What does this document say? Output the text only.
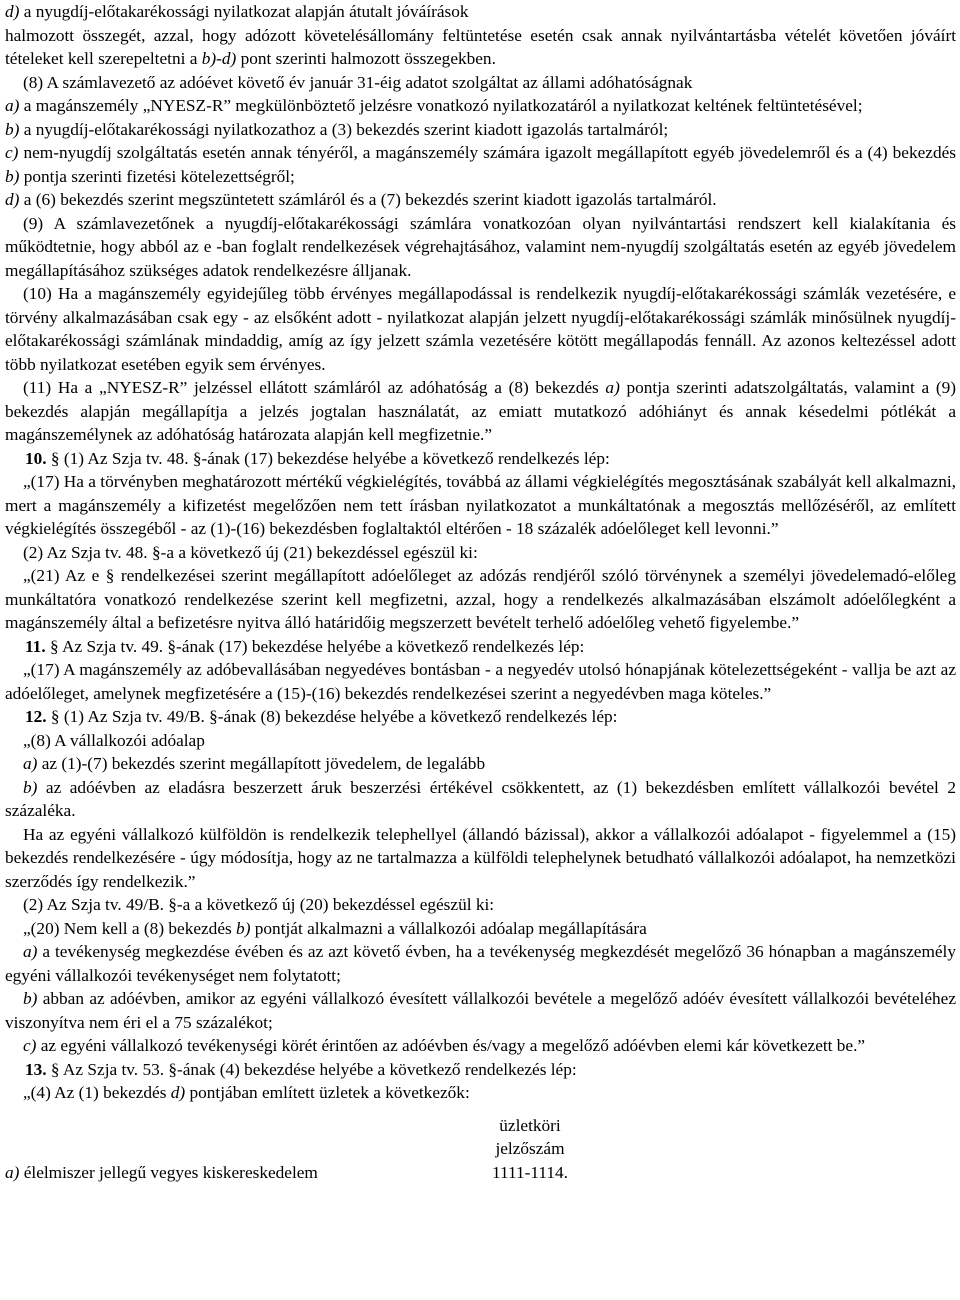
d) a nyugdíj-előtakarékossági nyilatkozat alapján átutalt jóváírások

halmozott összegét, azzal, hogy adózott követelésállomány feltüntetése esetén csak annak nyilvántartásba vételét követően jóváírt tételeket kell szerepeltetni a b)-d) pont szerinti halmozott összegekben.

(8) A számlavezető az adóévet követő év január 31-éig adatot szolgáltat az állami adóhatóságnak

a) a magánszemély „NYESZ-R” megkülönböztető jelzésre vonatkozó nyilatkozatáról a nyilatkozat keltének feltüntetésével;

b) a nyugdíj-előtakarékossági nyilatkozathoz a (3) bekezdés szerint kiadott igazolás tartalmáról;

c) nem-nyugdíj szolgáltatás esetén annak tényéről, a magánszemély számára igazolt megállapított egyéb jövedelemről és a (4) bekezdés b) pontja szerinti fizetési kötelezettségről;

d) a (6) bekezdés szerint megszüntetett számláról és a (7) bekezdés szerint kiadott igazolás tartalmáról.

(9) A számlavezetőnek a nyugdíj-előtakarékossági számlára vonatkozóan olyan nyilvántartási rendszert kell kialakítania és működtetnie, hogy abból az e -ban foglalt rendelkezések végrehajtásához, valamint nem-nyugdíj szolgáltatás esetén az egyéb jövedelem megállapításához szükséges adatok rendelkezésre álljanak.

(10) Ha a magánszemély egyidejűleg több érvényes megállapodással is rendelkezik nyugdíj-előtakarékossági számlák vezetésére, e törvény alkalmazásában csak egy - az elsőként adott - nyilatkozat alapján jelzett nyugdíj-előtakarékossági számlák minősülnek nyugdíj-előtakarékossági számlának mindaddig, amíg az így jelzett számla vezetésére kötött megállapodás fennáll. Az azonos keltezéssel adott több nyilatkozat esetében egyik sem érvényes.

(11) Ha a „NYESZ-R” jelzéssel ellátott számláról az adóhatóság a (8) bekezdés a) pontja szerinti adatszolgáltatás, valamint a (9) bekezdés alapján megállapítja a jelzés jogtalan használatát, az emiatt mutatkozó adóhiányt és annak késedelmi pótlékát a magánszemélynek az adóhatóság határozata alapján kell megfizetnie.”

10. § (1) Az Szja tv. 48. §-ának (17) bekezdése helyébe a következő rendelkezés lép:

„(17) Ha a törvényben meghatározott mértékű végkielégítés, továbbá az állami végkielégítés megosztásának szabályát kell alkalmazni, mert a magánszemély a kifizetést megelőzően nem tett írásban nyilatkozatot a munkáltatónak a megosztás mellőzéséről, az említett végkielégítés összegéből - az (1)-(16) bekezdésben foglaltaktól eltérően - 18 százalék adóelőleget kell levonni.”

(2) Az Szja tv. 48. §-a a következő új (21) bekezdéssel egészül ki:

„(21) Az e § rendelkezései szerint megállapított adóelőleget az adózás rendjéről szóló törvénynek a személyi jövedelemadó-előleg munkáltatóra vonatkozó rendelkezése szerint kell megfizetni, azzal, hogy a rendelkezés alkalmazásában elszámolt adóelőlegként a magánszemély által a befizetésre nyitva álló határidőig megszerzett bevételt terhelő adóelőleg vehető figyelembe.”

11. § Az Szja tv. 49. §-ának (17) bekezdése helyébe a következő rendelkezés lép:

„(17) A magánszemély az adóbevallásában negyedéves bontásban - a negyedév utolsó hónapjának kötelezettségeként - vallja be azt az adóelőleget, amelynek megfizetésére a (15)-(16) bekezdés rendelkezései szerint a negyedévben maga köteles.”

12. § (1) Az Szja tv. 49/B. §-ának (8) bekezdése helyébe a következő rendelkezés lép:

„(8) A vállalkozói adóalap

a) az (1)-(7) bekezdés szerint megállapított jövedelem, de legalább

b) az adóévben az eladásra beszerzett áruk beszerzési értékével csökkentett, az (1) bekezdésben említett vállalkozói bevétel 2 százaléka.

Ha az egyéni vállalkozó külföldön is rendelkezik telephellyel (állandó bázissal), akkor a vállalkozói adóalapot - figyelemmel a (15) bekezdés rendelkezésére - úgy módosítja, hogy az ne tartalmazza a külföldi telephelynek betudható vállalkozói adóalapot, ha nemzetközi szerződés így rendelkezik.”

(2) Az Szja tv. 49/B. §-a a következő új (20) bekezdéssel egészül ki:

„(20) Nem kell a (8) bekezdés b) pontját alkalmazni a vállalkozói adóalap megállapítására

a) a tevékenység megkezdése évében és az azt követő évben, ha a tevékenység megkezdését megelőző 36 hónapban a magánszemély egyéni vállalkozói tevékenységet nem folytatott;

b) abban az adóévben, amikor az egyéni vállalkozó évesített vállalkozói bevétele a megelőző adóév évesített vállalkozói bevételéhez viszonyítva nem éri el a 75 százalékot;

c) az egyéni vállalkozó tevékenységi körét érintően az adóévben és/vagy a megelőző adóévben elemi kár következett be.”

13. § Az Szja tv. 53. §-ának (4) bekezdése helyébe a következő rendelkezés lép:

„(4) Az (1) bekezdés d) pontjában említett üzletek a következők:

üzletköri
jelzőszám
a) élelmiszer jellegű vegyes kiskereskedelem	1111-1114.
